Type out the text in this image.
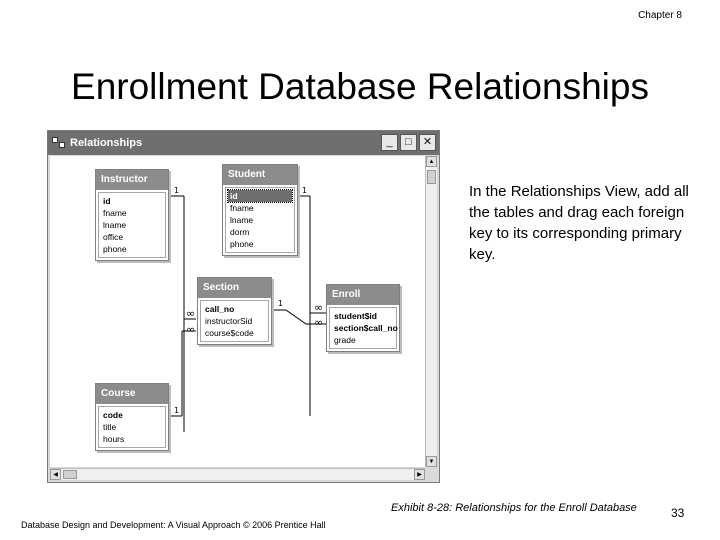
Chapter 8
Enrollment Database Relationships
Relationships	_	□	✕
1	1
1
1
∞
∞
∞
∞
Instructor
id
fname
lname
office
phone
Student
id
fname
lname
dorm
phone
Section
call_no
instructorSid
course$code
Enroll
student$id
section$call_no
grade
Course
code
title
hours
▲
▼
◀	▶
In the Relationships View, add all the tables and drag each foreign key to its corresponding primary key.
Exhibit 8-28: Relationships for the Enroll Database	33
Database Design and Development: A Visual Approach © 2006 Prentice Hall
